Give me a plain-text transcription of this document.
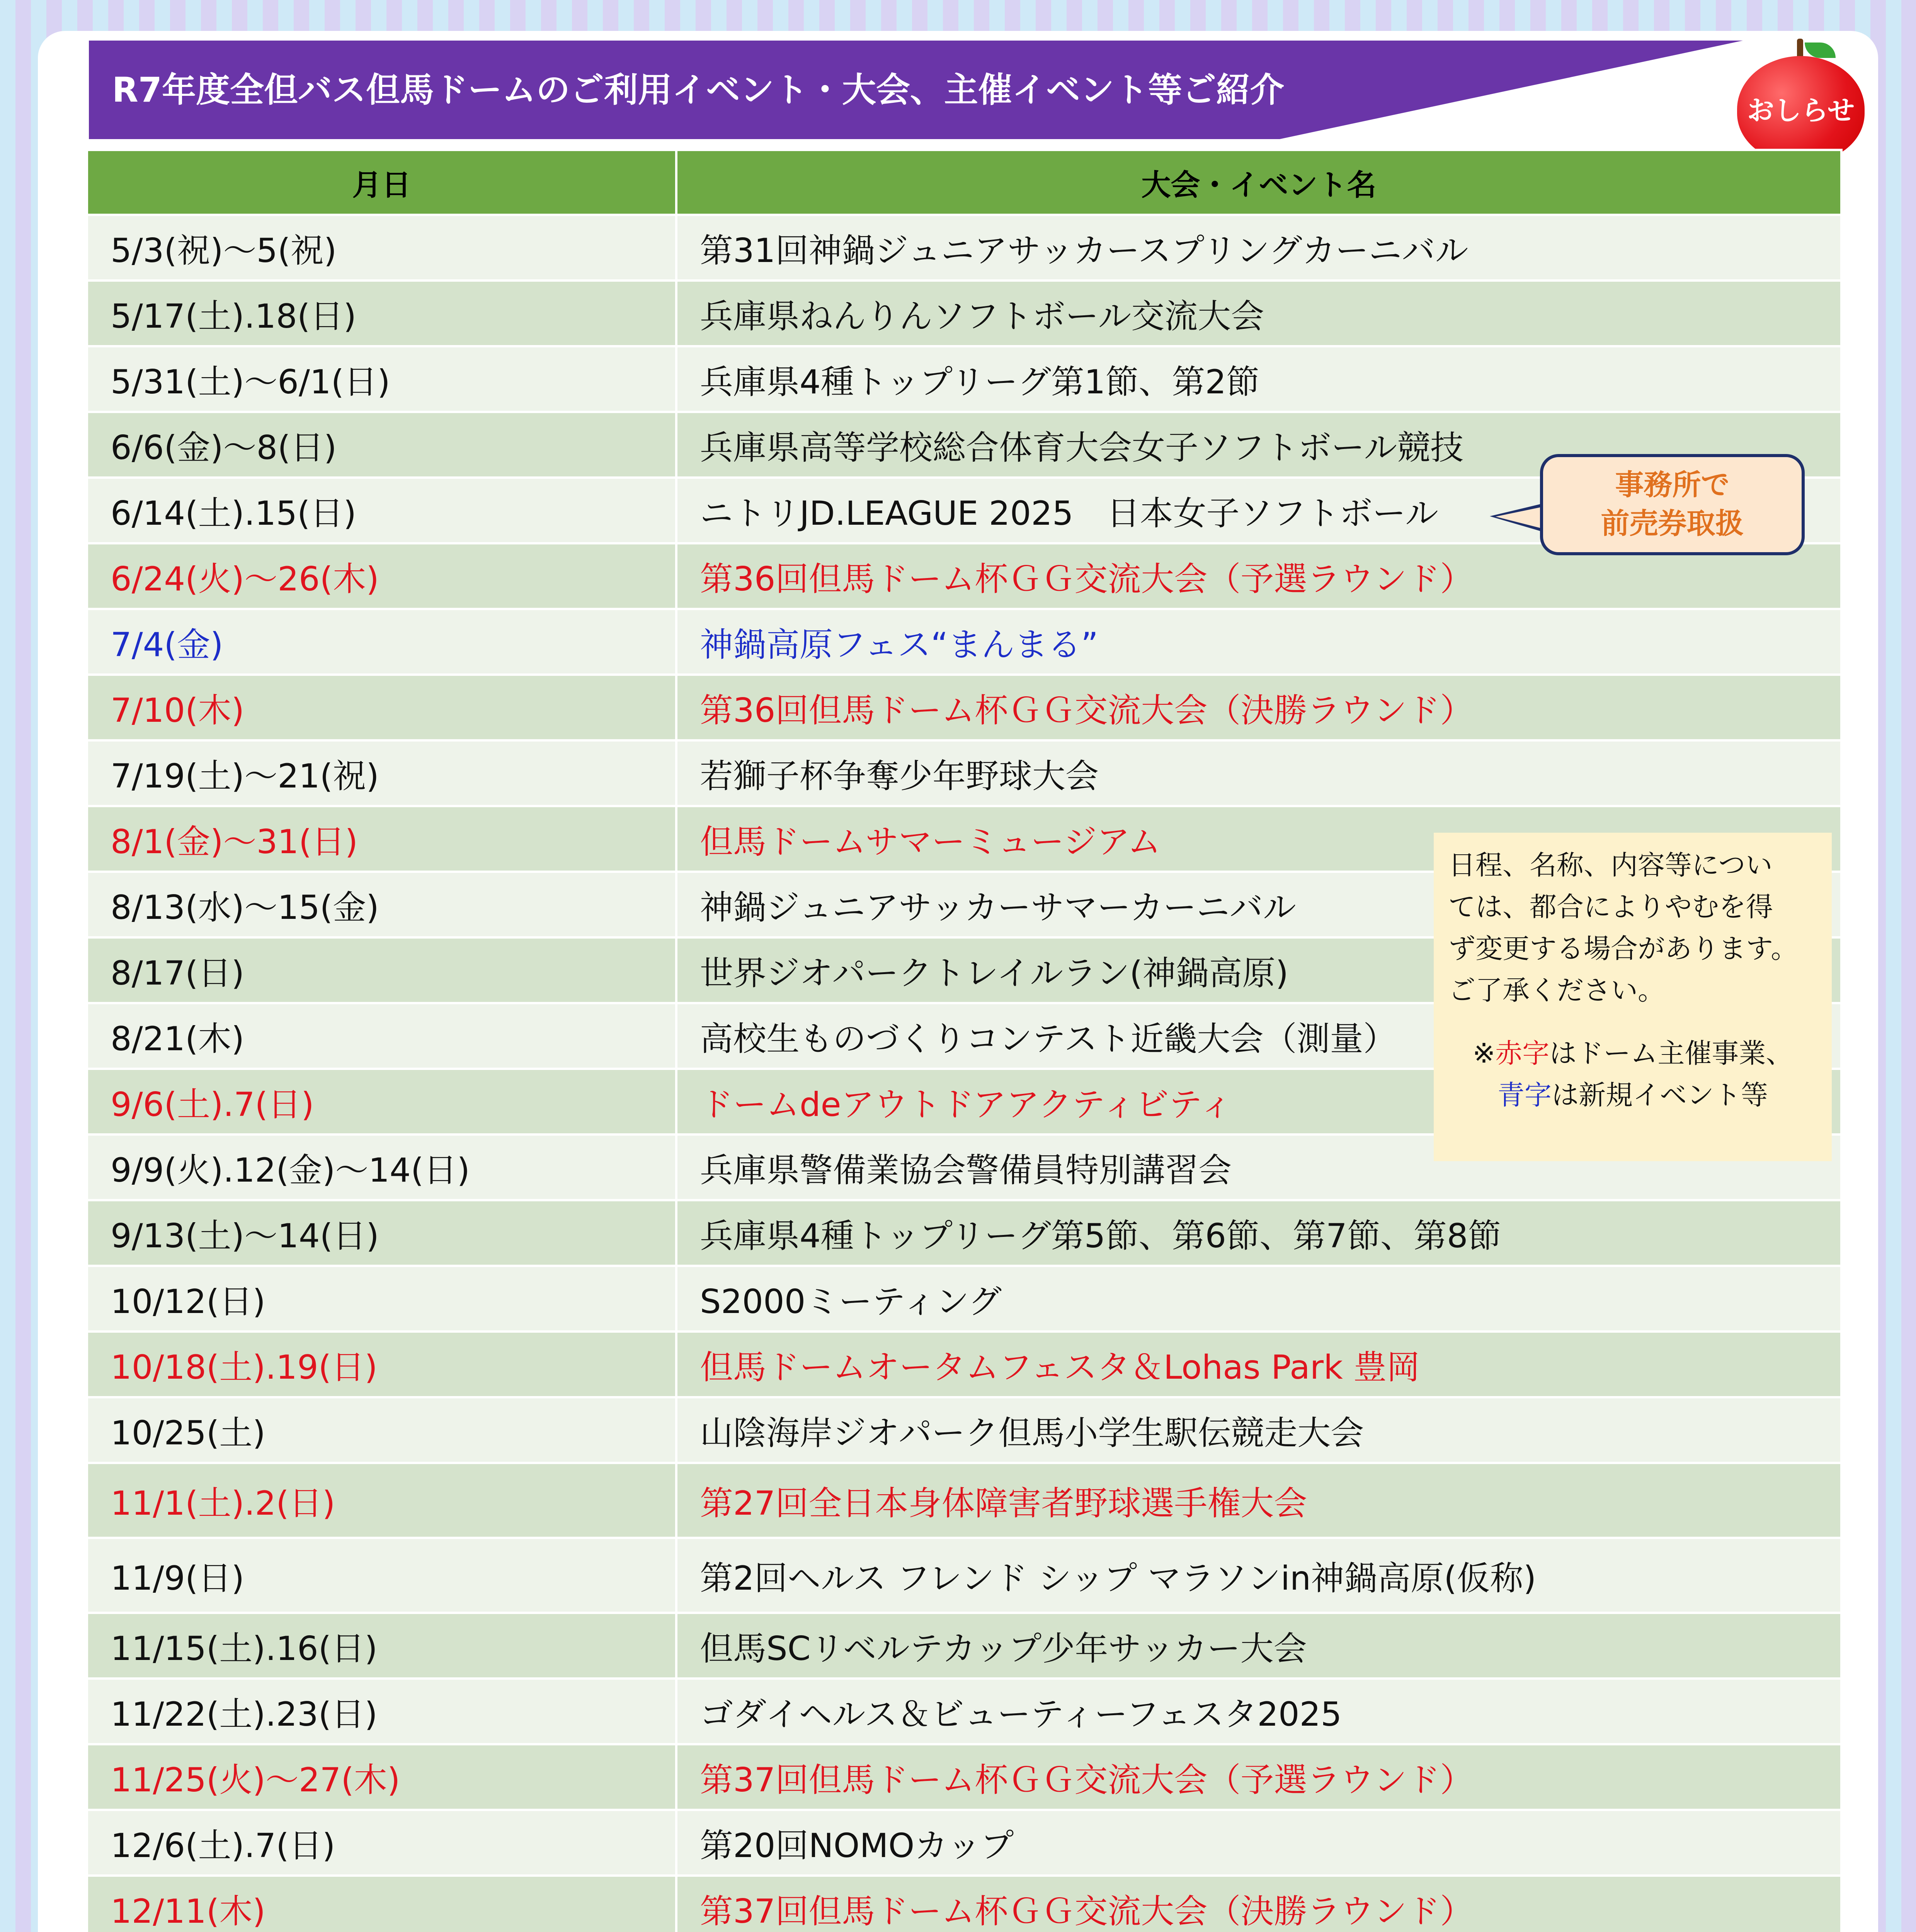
R7年度全但バス但馬ドームのご利用イベント・大会、主催イベント等ご紹介
おしらせ
月日	大会・イベント名
5/3(祝)～5(祝)	第31回神鍋ジュニアサッカースプリングカーニバル
5/17(土).18(日)	兵庫県ねんりんソフトボール交流大会
5/31(土)～6/1(日)	兵庫県4種トップリーグ第1節、第2節
6/6(金)～8(日)	兵庫県高等学校総合体育大会女子ソフトボール競技
6/14(土).15(日)	ニトリJD.LEAGUE 2025　日本女子ソフトボール
6/24(火)～26(木)	第36回但馬ドーム杯ＧＧ交流大会（予選ラウンド）
7/4(金)	神鍋高原フェス“まんまる”
7/10(木)	第36回但馬ドーム杯ＧＧ交流大会（決勝ラウンド）
7/19(土)～21(祝)	若獅子杯争奪少年野球大会
8/1(金)～31(日)	但馬ドームサマーミュージアム
8/13(水)～15(金)	神鍋ジュニアサッカーサマーカーニバル
8/17(日)	世界ジオパークトレイルラン(神鍋高原)
8/21(木)	高校生ものづくりコンテスト近畿大会（測量）
9/6(土).7(日)	ドームdeアウトドアアクティビティ
9/9(火).12(金)～14(日)	兵庫県警備業協会警備員特別講習会
9/13(土)～14(日)	兵庫県4種トップリーグ第5節、第6節、第7節、第8節
10/12(日)	S2000ミーティング
10/18(土).19(日)	但馬ドームオータムフェスタ＆Lohas Park 豊岡
10/25(土)	山陰海岸ジオパーク但馬小学生駅伝競走大会
11/1(土).2(日)	第27回全日本身体障害者野球選手権大会
11/9(日)	第2回ヘルス フレンド シップ マラソンin神鍋高原(仮称)
11/15(土).16(日)	但馬SCリベルテカップ少年サッカー大会
11/22(土).23(日)	ゴダイヘルス＆ビューティーフェスタ2025
11/25(火)～27(木)	第37回但馬ドーム杯ＧＧ交流大会（予選ラウンド）
12/6(土).7(日)	第20回NOMOカップ
12/11(木)	第37回但馬ドーム杯ＧＧ交流大会（決勝ラウンド）

事務所で
前売券取扱

日程、名称、内容等につい

ては、都合によりやむを得

ず変更する場合があります。

ご了承ください。

※赤字はドーム主催事業、

青字は新規イベント等
